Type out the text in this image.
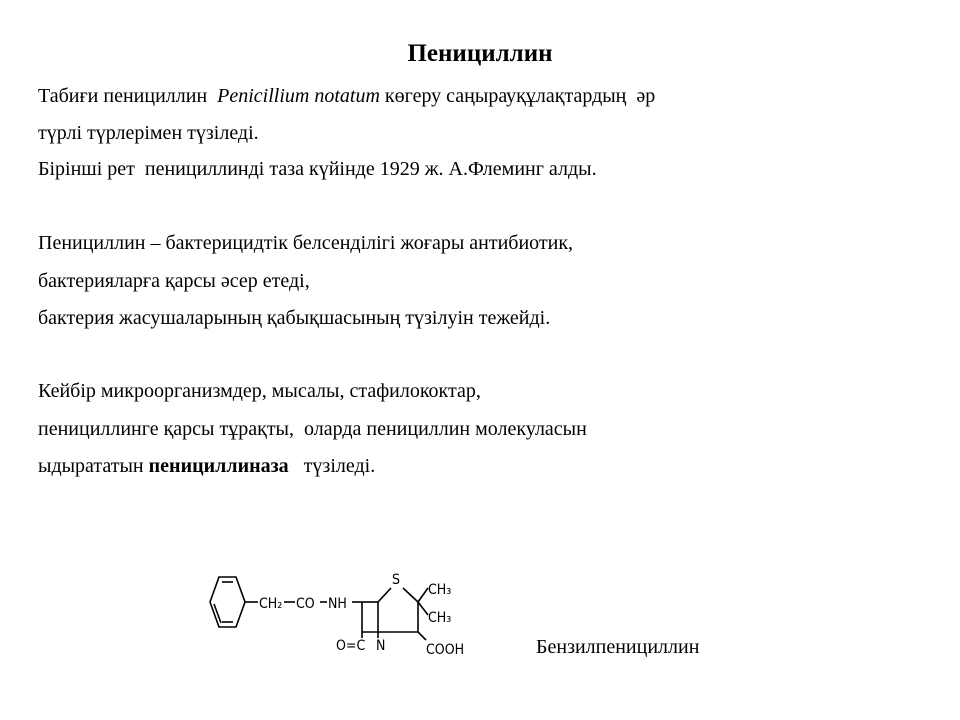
Пенициллин
Табиғи пенициллин  Penicillium notatum көгеру саңырауқұлақтардың  әр
түрлі түрлерімен түзіледі.
Бірінші рет  пенициллинді таза күйінде 1929 ж. А.Флеминг алды.
Пенициллин – бактерицидтік белсенділігі жоғары антибиотик,
бактерияларға қарсы әсер етеді,
бактерия жасушаларының қабықшасының түзілуін тежейді.
Кейбір микроорганизмдер, мысалы, стафилококтар,
пенициллинге қарсы тұрақты,  оларда пенициллин молекуласын
ыдырататын пенициллиназа   түзіледі.
CH₂ CO NH
S
CH₃
CH₃
O=C N	COOH	Бензилпенициллин
